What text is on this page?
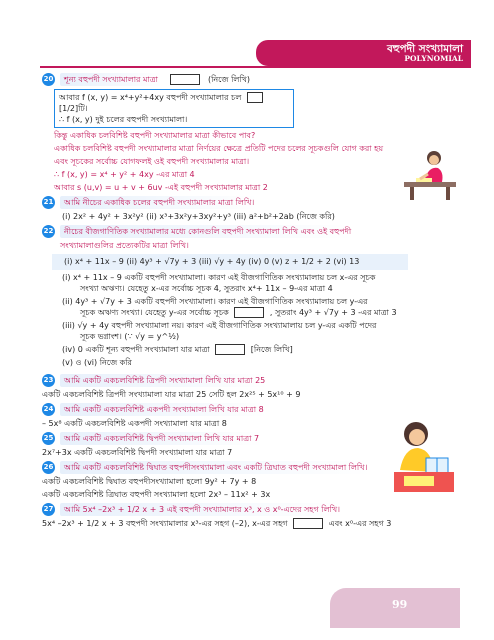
বহুপদী সংখ্যামালা
POLYNOMIAL
20	শূন্য বহুপদী সংখ্যামালার মাত্রা	(নিজে লিখি)
আবার f (x, y) = x⁴+y²+4xy বহুপদী সংখ্যামালার চল  [1/2]টি।
∴ f (x, y) দুই চলের বহুপদী সংখ্যামালা।
কিন্তু একাধিক চলবিশিষ্ট বহুপদী সংখ্যামালার মাত্রা কীভাবে পাব?
একাধিক চলবিশিষ্ট বহুপদী সংখ্যামালার মাত্রা নির্ণয়ের ক্ষেত্রে প্রতিটি পদের চলের সূচকগুলি যোগ করা হয়
এবং সূচকের সর্বোচ্চ যোগফলই ওই বহুপদী সংখ্যামালার মাত্রা।
∴ f (x, y) = x⁴ + y² + 4xy -এর মাত্রা 4
আবার s (u,v) = u + v + 6uv -এই বহুপদী সংখ্যামালার মাত্রা 2
21	আমি নীচের একাধিক চলের বহুপদী সংখ্যামালার মাত্রা লিখি।
(i) 2x² + 4y² + 3x²y² (ii) x³+3x²y+3xy²+y³ (iii) a²+b²+2ab (নিজে করি)
22	নীচের বীজগাণিতিক সংখ্যামালার মধ্যে কোনগুলি বহুপদী সংখ্যামালা লিখি এবং ওই বহুপদী
সংখ্যামালাগুলির প্রত্যেকটির মাত্রা লিখি।
(i) x⁴ + 11x – 9 (ii) 4y³ + √7y + 3 (iii) √y + 4y (iv) 0 (v) z + 1/2 + 2 (vi) 13
(i) x⁴ + 11x – 9 একটি বহুপদী সংখ্যামালা। কারণ এই বীজগাণিতিক সংখ্যামালায় চল x-এর সূচক
সংখ্যা অঋণ্য। যেহেতু x-এর সর্বোচ্চ সূচক 4, সুতরাং x⁴+ 11x – 9-এর মাত্রা 4
(ii) 4y³ + √7y + 3 একটি বহুপদী সংখ্যামালা। কারণ এই বীজগাণিতিক সংখ্যামালায় চল y-এর
সূচক অঋণ্য সংখ্যা। যেহেতু y-এর সর্বোচ্চ সূচক	, সুতরাং 4y³ + √7y + 3 -এর মাত্রা 3
(iii) √y + 4y বহুপদী সংখ্যামালা নয়। কারণ এই বীজগাণিতিক সংখ্যামালায় চল y-এর একটি পদের
সূচক ভগ্নাংশ। (∵ √y = y^½)
(iv) 0 একটি শূন্য বহুপদী সংখ্যামালা যার মাত্রা	[নিজে লিখি]
(v) ও (vi) নিজে করি
23	আমি একটি একচলবিশিষ্ট ত্রিপদী সংখ্যামালা লিখি যার মাত্রা 25
একটি একচলবিশিষ্ট ত্রিপদী সংখ্যামালা যার মাত্রা 25 সেটি হল 2x²⁵ + 5x¹⁰ + 9
24	আমি একটি একচলবিশিষ্ট একপদী সংখ্যামালা লিখি যার মাত্রা 8
– 5x⁸ একটি একচলবিশিষ্ট একপদী সংখ্যামালা যার মাত্রা 8
25	আমি একটি একচলবিশিষ্ট দ্বিপদী সংখ্যামালা লিখি যার মাত্রা 7
2x⁷+3x একটি একচলবিশিষ্ট দ্বিপদী সংখ্যামালা যার মাত্রা 7
26	আমি একটি একচলবিশিষ্ট দ্বিঘাত বহুপদীসংখ্যামালা এবং একটি ত্রিঘাত বহুপদী সংখ্যামালা লিখি।
একটি একচলবিশিষ্ট দ্বিঘাত বহুপদীসংখ্যামালা হলো 9y² + 7y + 8
একটি একচলবিশিষ্ট ত্রিঘাত বহুপদী সংখ্যামালা হলো 2x³ – 11x² + 3x
27	আমি 5x⁴ –2x³ + 1/2 x + 3 এই বহুপদী সংখ্যামালার x³, x ও x⁰-এদের সহগ লিখি।
5x⁴ –2x³ + 1/2 x + 3 বহুপদী সংখ্যামালার x³-এর সহগ (–2), x-এর সহগ	এবং x⁰-এর সহগ 3
99
